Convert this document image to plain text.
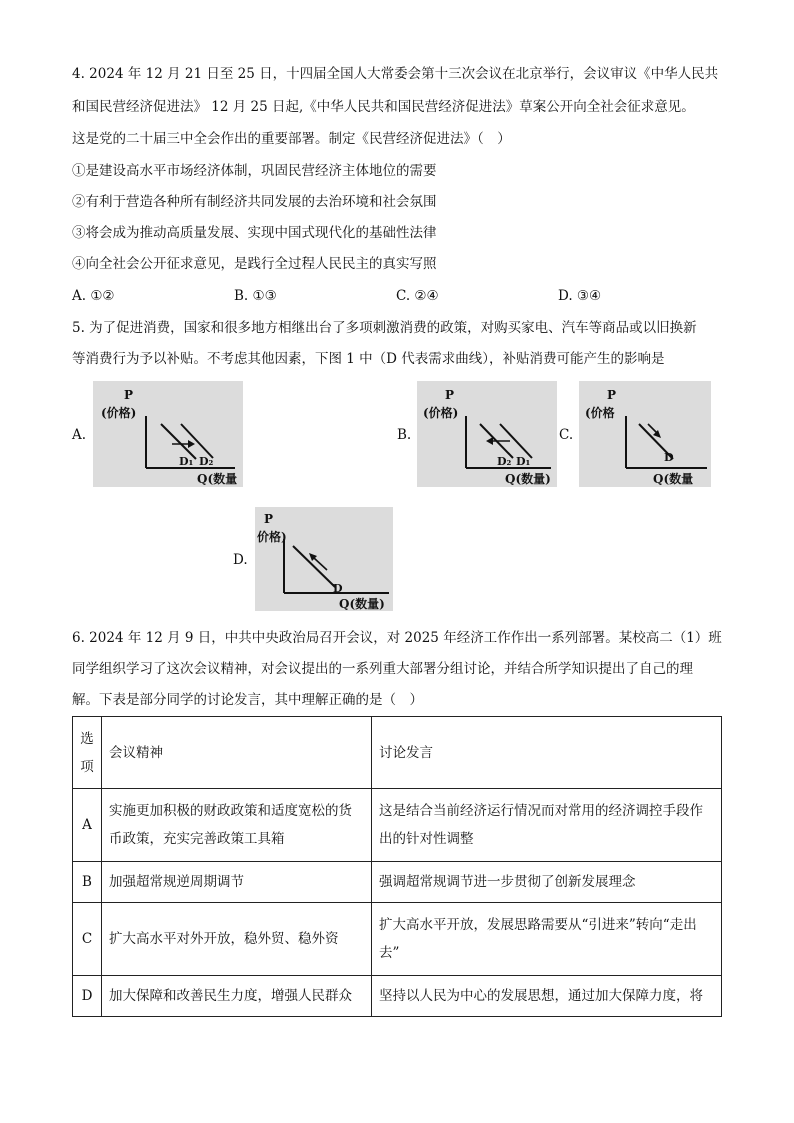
4. 2024 年 12 月 21 日至 25 日，十四届全国人大常委会第十三次会议在北京举行，会议审议《中华人民共
和国民营经济促进法》 12 月 25 日起,《中华人民共和国民营经济促进法》草案公开向全社会征求意见。
这是党的二十届三中全会作出的重要部署。制定《民营经济促进法》（　）
①是建设高水平市场经济体制，巩固民营经济主体地位的需要
②有利于营造各种所有制经济共同发展的去治环境和社会氛围
③将会成为推动高质量发展、实现中国式现代化的基础性法律
④向全社会公开征求意见，是践行全过程人民民主的真实写照
A. ①②	B. ①③	C. ②④	D. ③④
5. 为了促进消费，国家和很多地方相继出台了多项刺激消费的政策，对购买家电、汽车等商品或以旧换新
等消费行为予以补贴。不考虑其他因素，下图 1 中（D 代表需求曲线），补贴消费可能产生的影响是
A.
P
(价格)
D₁ D₂
Q(数量
B.
P
(价格)
D₂ D₁
Q(数量)
C.
P
(价格
D
Q(数量
D.
P
价格)
D
Q(数量)
6. 2024 年 12 月 9 日，中共中央政治局召开会议，对 2025 年经济工作作出一系列部署。某校高二（1）班
同学组织学习了这次会议精神，对会议提出的一系列重大部署分组讨论，并结合所学知识提出了自己的理
解。下表是部分同学的讨论发言，其中理解正确的是（　）
选项	会议精神	讨论发言
A	实施更加积极的财政政策和适度宽松的货币政策，充实完善政策工具箱	这是结合当前经济运行情况而对常用的经济调控手段作出的针对性调整
B	加强超常规逆周期调节	强调超常规调节进一步贯彻了创新发展理念
C	扩大高水平对外开放，稳外贸、稳外资	扩大高水平开放，发展思路需要从“引进来”转向“走出去”
D	加大保障和改善民生力度，增强人民群众	坚持以人民为中心的发展思想，通过加大保障力度，将
